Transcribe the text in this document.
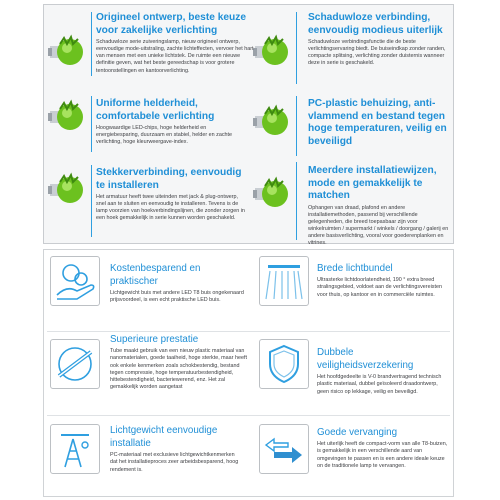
Origineel ontwerp, beste keuze voor zakelijke verlichting
Schaduwloze serie zuiveringslamp, nieuw origineel ontwerp, eenvoudige mode-uitstraling, zachte lichteffecten, vervoer het hart van mensen met een unieke lichtstek. De ruimte een nieuwe definitie geven, wat het beste gereedschap is voor grotere tentoonstellingen en kantoorverlichting.
Schaduwloze verbinding, eenvoudig modieus uiterlijk
Schaduwloze verbindingsfunctie die de beste verlichtingservaring biedt. De buiseindkap zonder randen, compacte splitsing, verlichting zonder duisternis wanneer deze in serie is geschakeld.
Uniforme helderheid, comfortabele verlichting
Hoogwaardige LED-chips, hoge helderheid en energiebesparing, duurzaam en stabiel, helder en zachte verlichting, hoge kleurweergave-index.
PC-plastic behuizing, anti-vlammend en bestand tegen hoge temperaturen, veilig en beveiligd
Stekkerverbinding, eenvoudig te installeren
Het armatuur heeft twee uiteinden met jack & plug-ontwerp, snel aan te sluiten en eenvoudig te installeren. Tevens is de lamp voorzien van hoekverbindingslijnen, die zonder zorgen in een hoek gemakkelijk in serie kunnen worden geschakeld.
Meerdere installatiewijzen, mode en gemakkelijk te matchen
Ophangen van draad, plafond en andere installatiemethoden, passend bij verschillende gelegenheden, die breed toepasbaar zijn voor winkelruimten / supermarkt / winkels / doorgang / galerij en andere basisverlichting, vooral voor goederenplanken en vitrines.
Kostenbesparend en praktischer
Lichtgewicht buis met andere LED T8 buis ongekenaard prijsvoordeel, is een echt praktische LED buis.
Brede lichtbundel
Ultrasterke lichtdoorlatendheid, 190 ° extra breed stralingsgebied, voldoet aan de verlichtingsvereisten voor thuis, op kantoor en in commerciële ruimtes.
Superieure prestatie
Tube maakt gebruik van een nieuw plastic materiaal van nanomaterialen, goede taaiheid, hoge sterkte, maar heeft ook enkele kenmerken zoals schokbestendig, bestand tegen compressie, hoge temperatuurbestendigheid, hittebestendigheid, bacteriewerend, enz. Het zal gemakkelijk worden aangetast
Dubbele veiligheidsverzekering
Het hoofdgedeelte is V-0 brandvertragend technisch plastic materiaal, dubbel geïsoleerd draadontwerp, geen risico op lekkage, veilig en beveiligd.
Lichtgewicht eenvoudige installatie
PC-materiaal met exclusieve lichtgewichtkenmerken dat het installatieproces zeer arbeidsbesparend, hoog rendement is.
Goede vervanging
Het uiterlijk heeft de compact-vorm van alle T8-buizen, is gemakkelijk in een verschillende aard van omgevingen te passen en is een andere ideale keuze on de traditionele lamp te vervangen.
